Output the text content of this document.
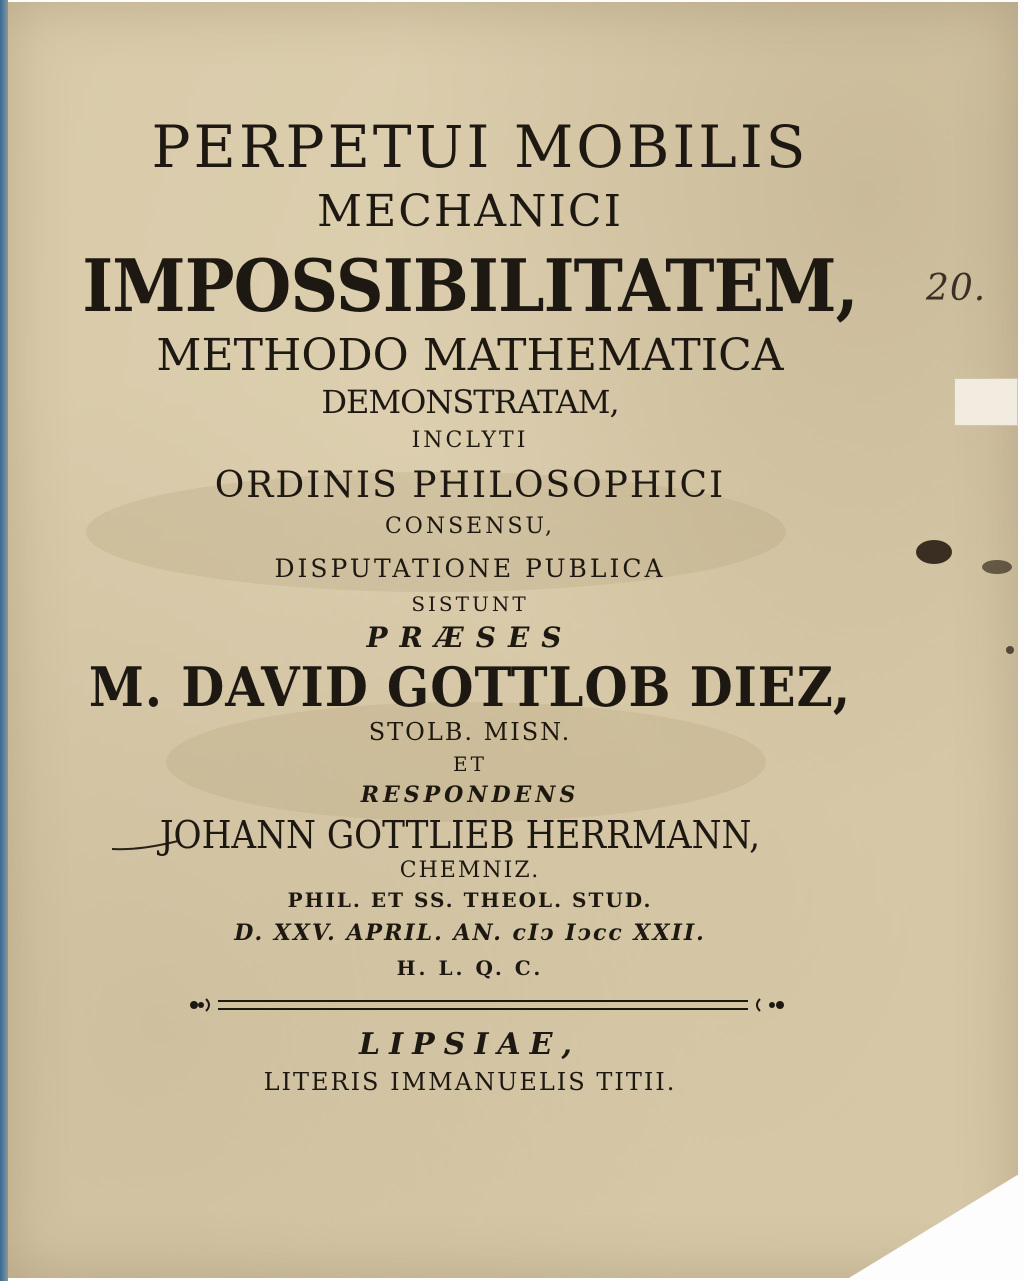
PERPETUI MOBILIS
MECHANICI
IMPOSSIBILITATEM,
METHODO MATHEMATICA
DEMONSTRATAM,
INCLYTI
ORDINIS PHILOSOPHICI
CONSENSU,
DISPUTATIONE PUBLICA
SISTUNT
PRÆSES
M. DAVID GOTTLOB DIEZ,
STOLB. MISN.
ET
RESPONDENS
JOHANN GOTTLIEB HERRMANN,
CHEMNIZ.
PHIL. ET SS. THEOL. STUD.
D. XXV. APRIL. AN. cIↄ Iↄcc XXII.
H. L. Q. C.
LIPSIAE,
LITERIS IMMANUELIS TITII.
20.
